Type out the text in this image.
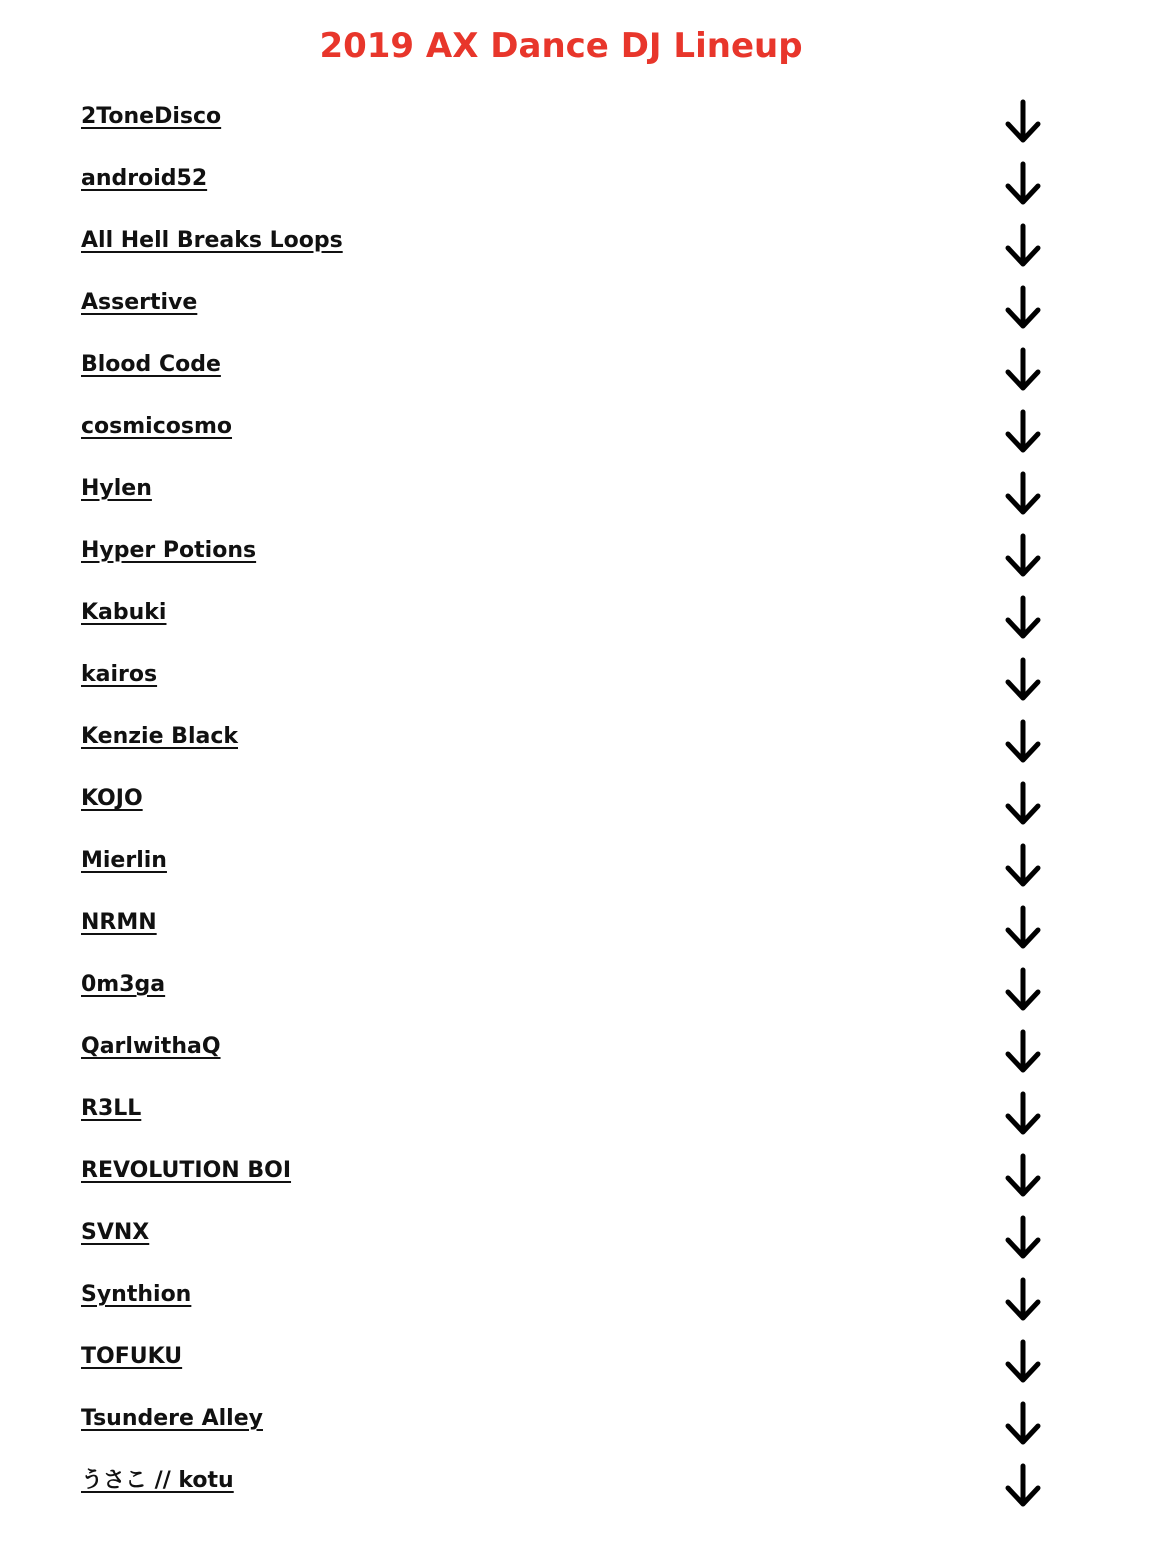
2019 AX Dance DJ Lineup
2ToneDisco
android52
All Hell Breaks Loops
Assertive
Blood Code
cosmicosmo
Hylen
Hyper Potions
Kabuki
kairos
Kenzie Black
KOJO
Mierlin
NRMN
0m3ga
QarlwithaQ
R3LL
REVOLUTION BOI
SVNX
Synthion
TOFUKU
Tsundere Alley
うさこ // kotu
